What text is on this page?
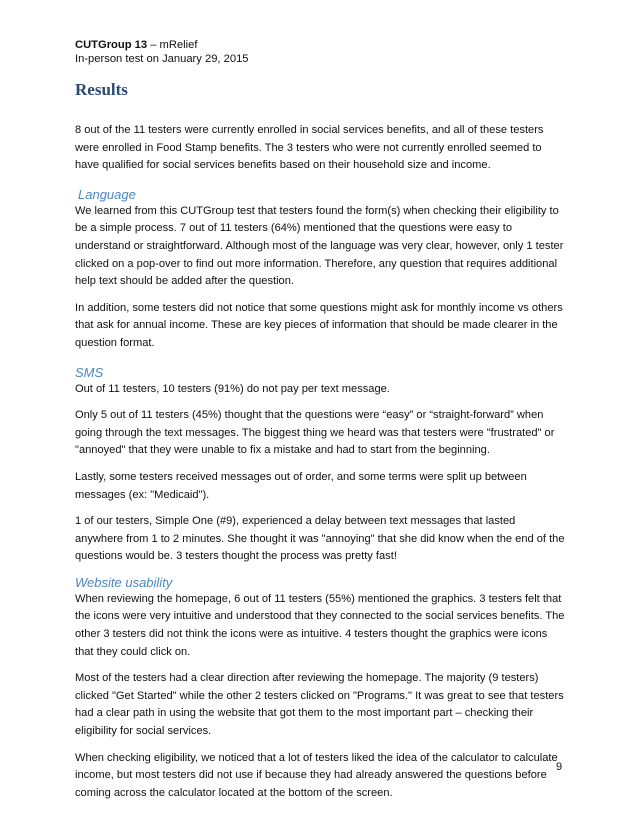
CUTGroup 13 – mRelief
In-person test on January 29, 2015
Results

8 out of the 11 testers were currently enrolled in social services benefits, and all of these testers were enrolled in Food Stamp benefits. The 3 testers who were not currently enrolled seemed to have qualified for social services benefits based on their household size and income.

Language

We learned from this CUTGroup test that testers found the form(s) when checking their eligibility to be a simple process. 7 out of 11 testers (64%) mentioned that the questions were easy to understand or straightforward. Although most of the language was very clear, however, only 1 tester clicked on a pop-over to find out more information. Therefore, any question that requires additional help text should be added after the question.

In addition, some testers did not notice that some questions might ask for monthly income vs others that ask for annual income. These are key pieces of information that should be made clearer in the question format.

SMS

Out of 11 testers, 10 testers (91%) do not pay per text message.

Only 5 out of 11 testers (45%) thought that the questions were “easy” or “straight-forward” when going through the text messages. The biggest thing we heard was that testers were "frustrated" or "annoyed" that they were unable to fix a mistake and had to start from the beginning.

Lastly, some testers received messages out of order, and some terms were split up between messages (ex: "Medicaid").

1 of our testers, Simple One (#9), experienced a delay between text messages that lasted anywhere from 1 to 2 minutes. She thought it was "annoying" that she did know when the end of the questions would be. 3 testers thought the process was pretty fast!

Website usability

When reviewing the homepage, 6 out of 11 testers (55%) mentioned the graphics. 3 testers felt that the icons were very intuitive and understood that they connected to the social services benefits. The other 3 testers did not think the icons were as intuitive. 4 testers thought the graphics were icons that they could click on.

Most of the testers had a clear direction after reviewing the homepage. The majority (9 testers) clicked "Get Started" while the other 2 testers clicked on "Programs." It was great to see that testers had a clear path in using the website that got them to the most important part – checking their eligibility for social services.

When checking eligibility, we noticed that a lot of testers liked the idea of the calculator to calculate income, but most testers did not use if because they had already answered the questions before coming across the calculator located at the bottom of the screen.

9
